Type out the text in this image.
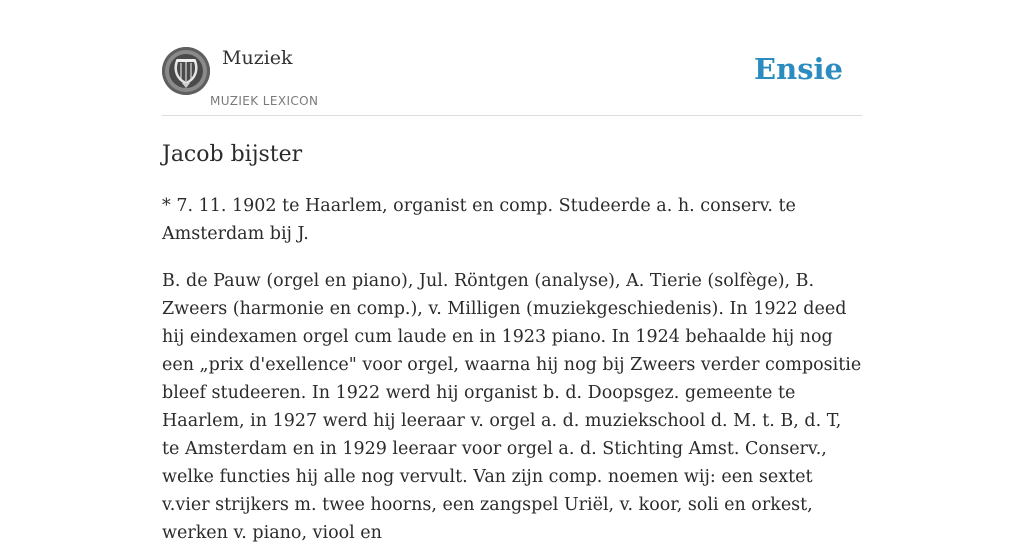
Muziek
MUZIEK LEXICON
Ensie
Jacob bijster

* 7. 11. 1902 te Haarlem, organist en comp. Studeerde a. h. conserv. te Amsterdam bij J.

B. de Pauw (orgel en piano), Jul. Röntgen (analyse), A. Tierie (solfège), B. Zweers (harmonie en comp.), v. Milligen (muziekgeschiedenis). In 1922 deed hij eindexamen orgel cum laude en in 1923 piano. In 1924 behaalde hij nog een „prix d'exellence" voor orgel, waarna hij nog bij Zweers verder compositie bleef studeeren. In 1922 werd hij organist b. d. Doopsgez. gemeente te Haarlem, in 1927 werd hij leeraar v. orgel a. d. muziekschool d. M. t. B, d. T, te Amsterdam en in 1929 leeraar voor orgel a. d. Stichting Amst. Conserv., welke functies hij alle nog vervult. Van zijn comp. noemen wij: een sextet v.vier strijkers m. twee hoorns, een zangspel Uriël, v. koor, soli en orkest, werken v. piano, viool en
